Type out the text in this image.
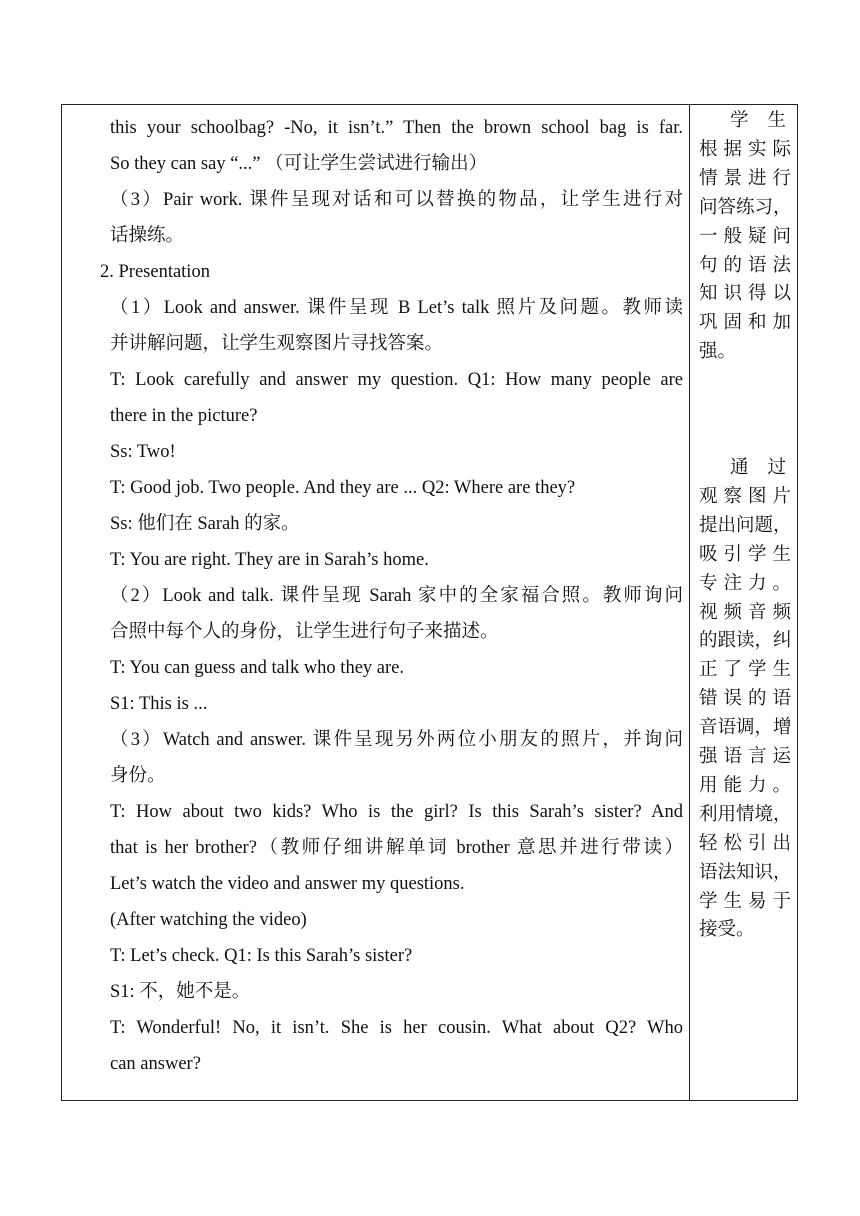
this your schoolbag? -No, it isn’t.” Then the brown school bag is far.
So they can say “...” （可让学生尝试进行输出）
（3）Pair work. 课件呈现对话和可以替换的物品，让学生进行对
话操练。
2. Presentation
（1）Look and answer. 课件呈现 B Let’s talk 照片及问题。教师读
并讲解问题，让学生观察图片寻找答案。
T: Look carefully and answer my question. Q1: How many people are
there in the picture?
Ss: Two!
T: Good job. Two people. And they are ... Q2: Where are they?
Ss: 他们在 Sarah 的家。
T: You are right. They are in Sarah’s home.
（2）Look and talk. 课件呈现 Sarah 家中的全家福合照。教师询问
合照中每个人的身份，让学生进行句子来描述。
T: You can guess and talk who they are.
S1: This is ...
（3）Watch and answer. 课件呈现另外两位小朋友的照片，并询问
身份。
T: How about two kids? Who is the girl? Is this Sarah’s sister? And
that is her brother?（教师仔细讲解单词 brother 意思并进行带读）
Let’s watch the video and answer my questions.
(After watching the video)
T: Let’s check. Q1: Is this Sarah’s sister?
S1: 不，她不是。
T: Wonderful! No, it isn’t. She is her cousin. What about Q2? Who
can answer?
学 生
根据实际
情景进行
问答练习，
一般疑问
句的语法
知识得以
巩固和加
强。
通 过
观察图片
提出问题，
吸引学生
专注力。
视频音频
的跟读，纠
正了学生
错误的语
音语调，增
强语言运
用能力。
利用情境，
轻松引出
语法知识，
学生易于
接受。
